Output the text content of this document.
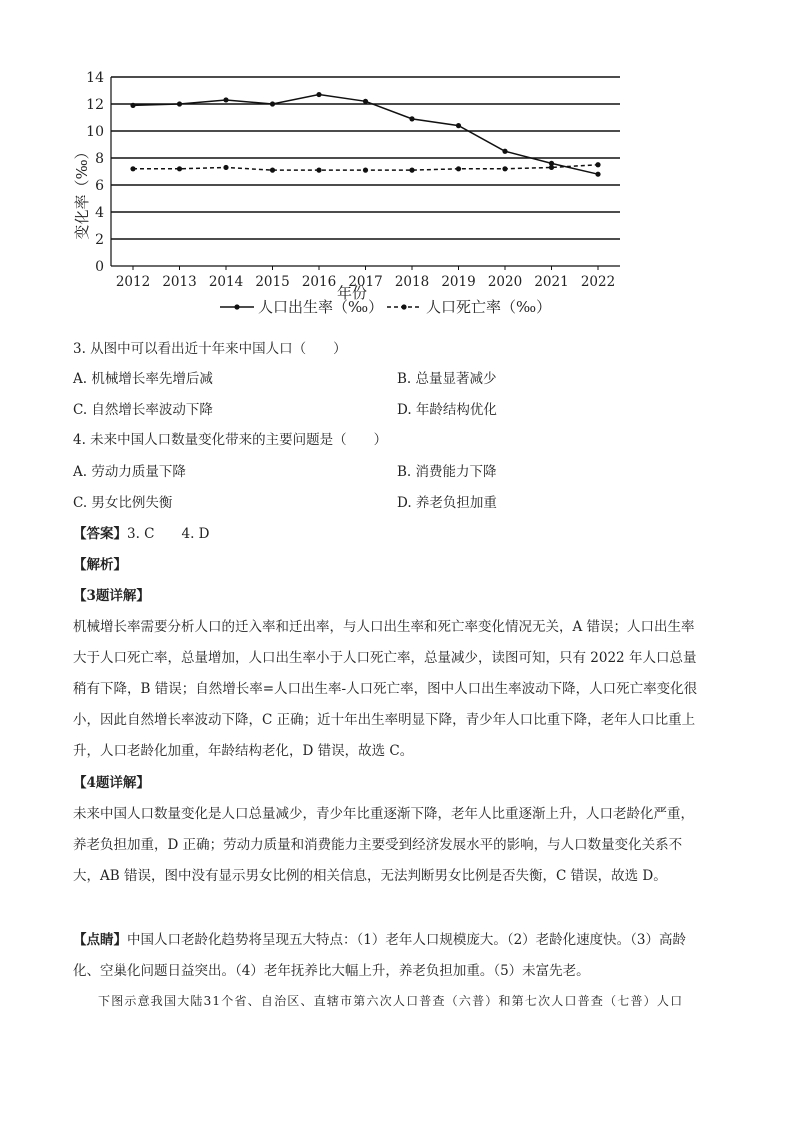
0
2
4
6
8
10
12
14
2012 2013 2014 2015 2016 2017 2018 2019 2020 2021 2022
年份
变化率（‰）
人口出生率（‰）	人口死亡率（‰）
3. 从图中可以看出近十年来中国人口（　　）
A. 机械增长率先增后减	B. 总量显著减少
C. 自然增长率波动下降	D. 年龄结构优化
4. 未来中国人口数量变化带来的主要问题是（　　）
A. 劳动力质量下降	B. 消费能力下降
C. 男女比例失衡	D. 养老负担加重
【答案】3. C　　4. D
【解析】
【3题详解】
机械增长率需要分析人口的迁入率和迁出率，与人口出生率和死亡率变化情况无关，A 错误；人口出生率
大于人口死亡率，总量增加，人口出生率小于人口死亡率，总量减少，读图可知，只有 2022 年人口总量
稍有下降，B 错误；自然增长率=人口出生率-人口死亡率，图中人口出生率波动下降，人口死亡率变化很
小，因此自然增长率波动下降，C 正确；近十年出生率明显下降，青少年人口比重下降，老年人口比重上
升，人口老龄化加重，年龄结构老化，D 错误，故选 C。
【4题详解】
未来中国人口数量变化是人口总量减少，青少年比重逐渐下降，老年人比重逐渐上升，人口老龄化严重，
养老负担加重，D 正确；劳动力质量和消费能力主要受到经济发展水平的影响，与人口数量变化关系不
大，AB 错误，图中没有显示男女比例的相关信息，无法判断男女比例是否失衡，C 错误，故选 D。
【点睛】中国人口老龄化趋势将呈现五大特点：（1）老年人口规模庞大。（2）老龄化速度快。（3）高龄
化、空巢化问题日益突出。（4）老年抚养比大幅上升，养老负担加重。（5）未富先老。
下图示意我国大陆31个省、自治区、直辖市第六次人口普查（六普）和第七次人口普查（七普）人口
